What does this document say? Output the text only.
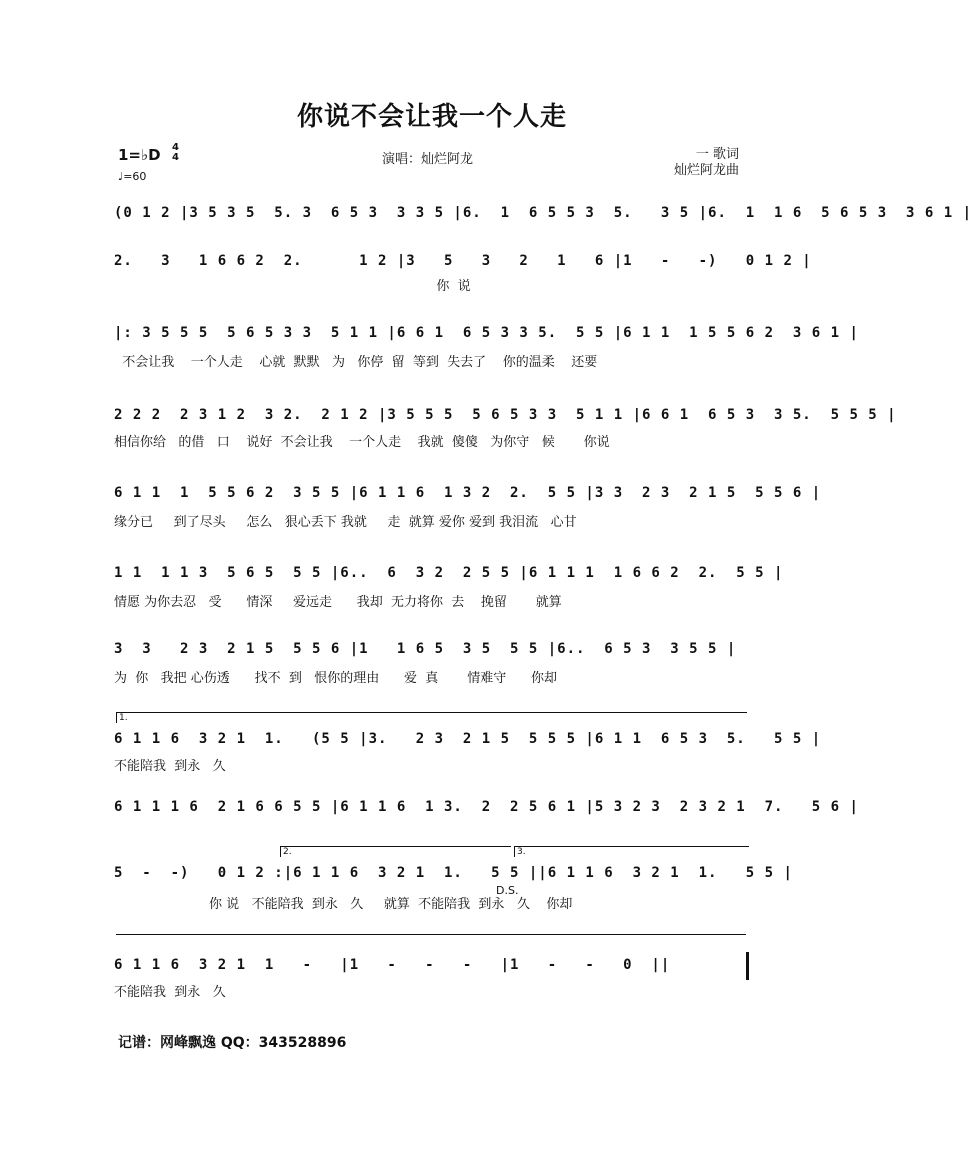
你说不会让我一个人走
1=♭D 4
4
♩=60
演唱：灿烂阿龙	一 歌词
灿烂阿龙曲
(0 1 2 |3 5 3 5  5. 3  6 5 3  3 3 5 |6.  1  6 5 5 3  5.   3 5 |6.  1  1 6  5 6 5 3  3 6 1 |
2.   3   1 6 6 2  2.      1 2 |3   5   3   2   1   6 |1   -   -)   0 1 2 |
你  说
|: 3 5 5 5  5 6 5 3 3  5 1 1 |6 6 1  6 5 3 3 5.  5 5 |6 1 1  1 5 5 6 2  3 6 1 |
不会让我    一个人走    心就  默默   为   你停  留  等到  失去了    你的温柔    还要
2 2 2  2 3 1 2  3 2.  2 1 2 |3 5 5 5  5 6 5 3 3  5 1 1 |6 6 1  6 5 3  3 5.  5 5 5 |
相信你给   的借   口    说好  不会让我    一个人走    我就  傻傻   为你守   候       你说
6 1 1  1  5 5 6 2  3 5 5 |6 1 1 6  1 3 2  2.  5 5 |3 3  2 3  2 1 5  5 5 6 |
缘分已     到了尽头     怎么   狠心丢下 我就     走  就算 爱你 爱到 我泪流   心甘
1 1  1 1 3  5 6 5  5 5 |6..  6  3 2  2 5 5 |6 1 1 1  1 6 6 2  2.  5 5 |
情愿 为你去忍   受      情深     爱远走      我却  无力将你  去    挽留       就算
3  3   2 3  2 1 5  5 5 6 |1   1 6 5  3 5  5 5 |6..  6 5 3  3 5 5 |
为  你   我把 心伤透      找不  到   恨你的理由      爱  真       情难守      你却
1.
6 1 1 6  3 2 1  1.   (5 5 |3.   2 3  2 1 5  5 5 5 |6 1 1  6 5 3  5.   5 5 |
不能陪我  到永   久
6 1 1 1 6  2 1 6 6 5 5 |6 1 1 6  1 3.  2  2 5 6 1 |5 3 2 3  2 3 2 1  7.   5 6 |
2.	3.
5  -  -)   0 1 2 :|6 1 1 6  3 2 1  1.   5 5 ||6 1 1 6  3 2 1  1.   5 5 |
你 说   不能陪我  到永   久     就算  不能陪我  到永   久    你却
D.S.
6 1 1 6  3 2 1  1   -   |1   -   -   -   |1   -   -   0  ||
不能陪我  到永   久
记谱：网峰飘逸 QQ：343528896
